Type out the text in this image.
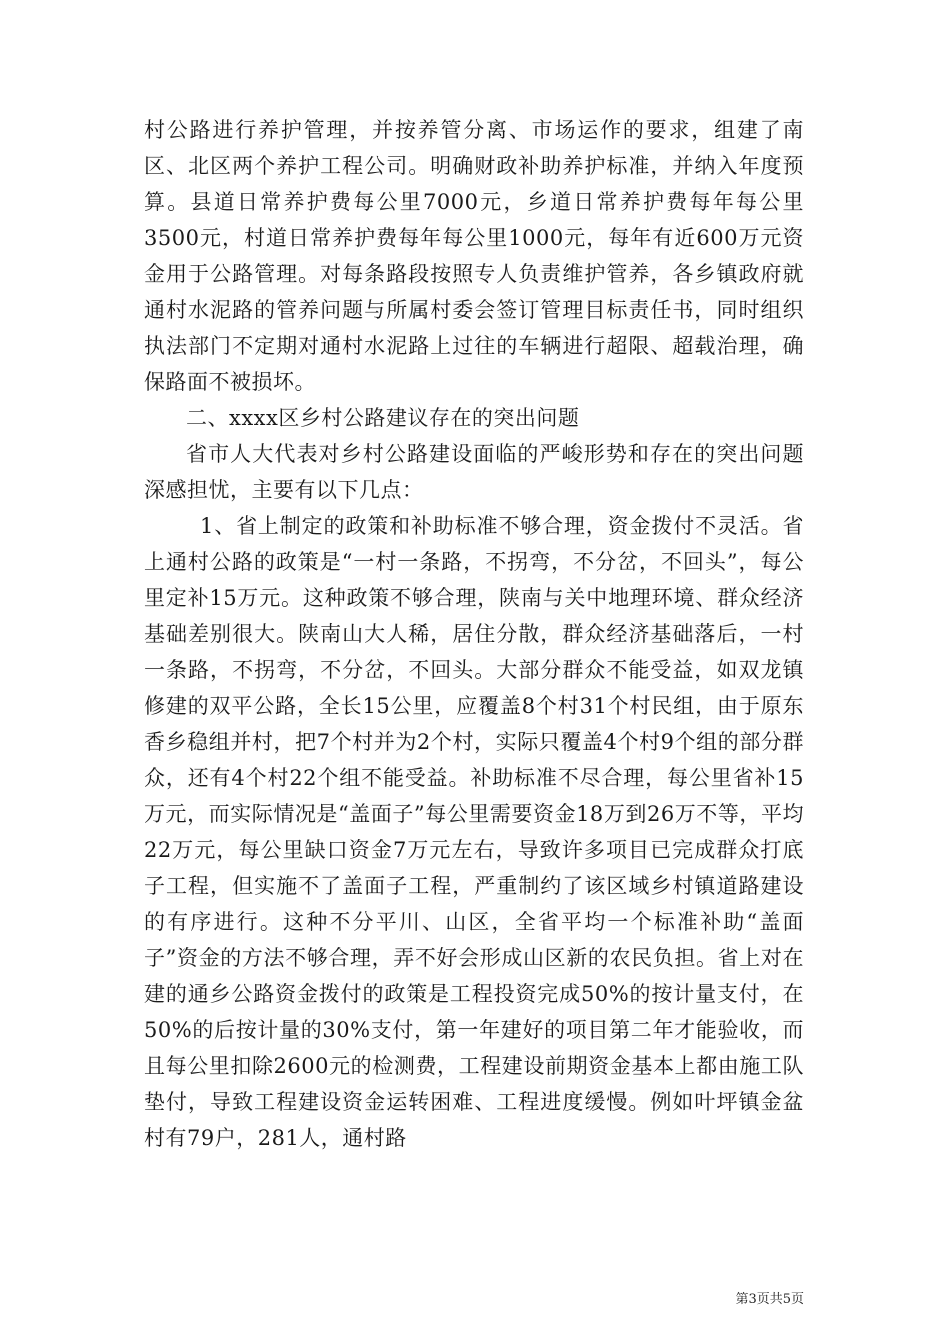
村公路进行养护管理，并按养管分离、市场运作的要求，组建了南区、北区两个养护工程公司。明确财政补助养护标准，并纳入年度预算。县道日常养护费每公里7000元，乡道日常养护费每年每公里3500元，村道日常养护费每年每公里1000元，每年有近600万元资金用于公路管理。对每条路段按照专人负责维护管养，各乡镇政府就通村水泥路的管养问题与所属村委会签订管理目标责任书，同时组织执法部门不定期对通村水泥路上过往的车辆进行超限、超载治理，确保路面不被损坏。

二、xxxx区乡村公路建议存在的突出问题

省市人大代表对乡村公路建设面临的严峻形势和存在的突出问题深感担忧，主要有以下几点：

1、省上制定的政策和补助标准不够合理，资金拨付不灵活。省上通村公路的政策是“一村一条路，不拐弯，不分岔，不回头”，每公里定补15万元。这种政策不够合理，陕南与关中地理环境、群众经济基础差别很大。陕南山大人稀，居住分散，群众经济基础落后，一村一条路，不拐弯，不分岔，不回头。大部分群众不能受益，如双龙镇修建的双平公路，全长15公里，应覆盖8个村31个村民组，由于原东香乡稳组并村，把7个村并为2个村，实际只覆盖4个村9个组的部分群众，还有4个村22个组不能受益。补助标准不尽合理，每公里省补15万元，而实际情况是“盖面子”每公里需要资金18万到26万不等，平均22万元，每公里缺口资金7万元左右，导致许多项目已完成群众打底子工程，但实施不了盖面子工程，严重制约了该区域乡村镇道路建设的有序进行。这种不分平川、山区，全省平均一个标准补助“盖面子”资金的方法不够合理，弄不好会形成山区新的农民负担。省上对在建的通乡公路资金拨付的政策是工程投资完成50%的按计量支付，在50%的后按计量的30%支付，第一年建好的项目第二年才能验收，而且每公里扣除2600元的检测费，工程建设前期资金基本上都由施工队垫付，导致工程建设资金运转困难、工程进度缓慢。例如叶坪镇金盆村有79户，281人，通村路

第3页共5页
